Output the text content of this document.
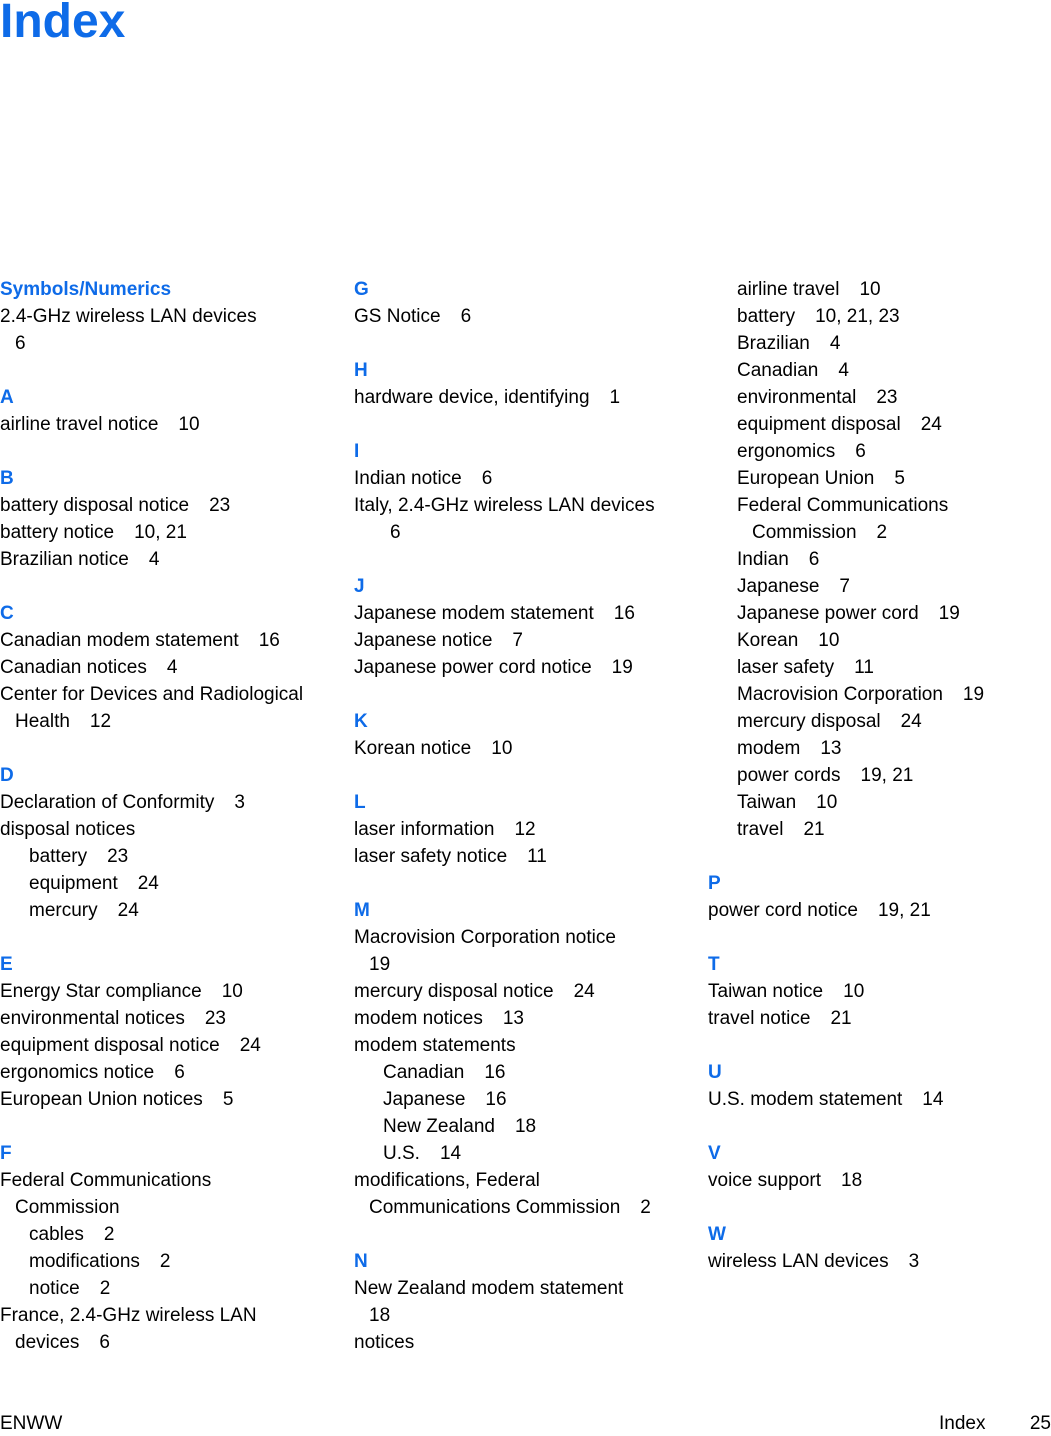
Index
Symbols/Numerics
2.4-GHz wireless LAN devices
6
A
airline travel notice 10
B
battery disposal notice 23
battery notice 10, 21
Brazilian notice 4
C
Canadian modem statement 16
Canadian notices 4
Center for Devices and Radiological
Health 12
D
Declaration of Conformity 3
disposal notices
battery 23
equipment 24
mercury 24
E
Energy Star compliance 10
environmental notices 23
equipment disposal notice 24
ergonomics notice 6
European Union notices 5
F
Federal Communications
Commission
cables 2
modifications 2
notice 2
France, 2.4-GHz wireless LAN
devices 6
G
GS Notice 6
H
hardware device, identifying 1
I
Indian notice 6
Italy, 2.4-GHz wireless LAN devices
6
J
Japanese modem statement 16
Japanese notice 7
Japanese power cord notice 19
K
Korean notice 10
L
laser information 12
laser safety notice 11
M
Macrovision Corporation notice
19
mercury disposal notice 24
modem notices 13
modem statements
Canadian 16
Japanese 16
New Zealand 18
U.S. 14
modifications, Federal
Communications Commission 2
N
New Zealand modem statement
18
notices
airline travel 10
battery 10, 21, 23
Brazilian 4
Canadian 4
environmental 23
equipment disposal 24
ergonomics 6
European Union 5
Federal Communications
Commission 2
Indian 6
Japanese 7
Japanese power cord 19
Korean 10
laser safety 11
Macrovision Corporation 19
mercury disposal 24
modem 13
power cords 19, 21
Taiwan 10
travel 21
P
power cord notice 19, 21
T
Taiwan notice 10
travel notice 21
U
U.S. modem statement 14
V
voice support 18
W
wireless LAN devices 3
ENWW	Index 25
